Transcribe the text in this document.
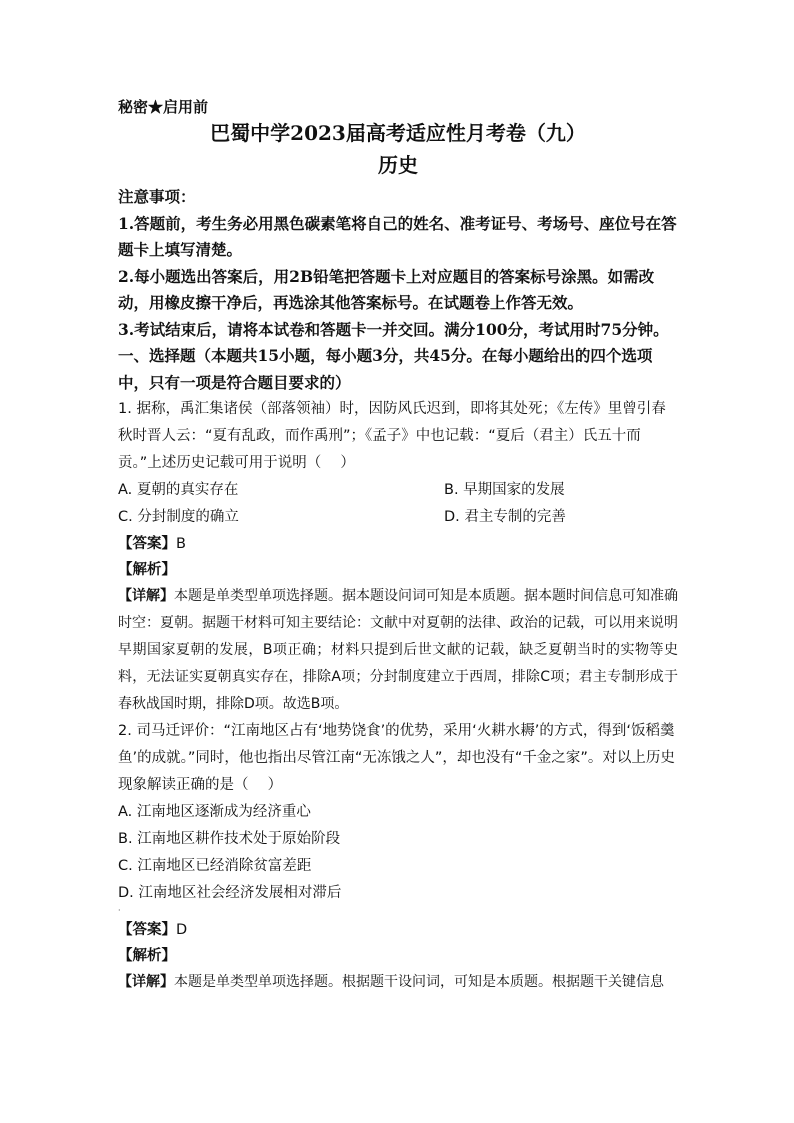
秘密★启用前
巴蜀中学2023届高考适应性月考卷（九）
历史
注意事项：
1.答题前，考生务必用黑色碳素笔将自己的姓名、准考证号、考场号、座位号在答题卡上填写清楚。
2.每小题选出答案后，用2B铅笔把答题卡上对应题目的答案标号涂黑。如需改动，用橡皮擦干净后，再选涂其他答案标号。在试题卷上作答无效。
3.考试结束后，请将本试卷和答题卡一并交回。满分100分，考试用时75分钟。
一、选择题（本题共15小题，每小题3分，共45分。在每小题给出的四个选项中，只有一项是符合题目要求的）

1. 据称，禹汇集诸侯（部落领袖）时，因防风氏迟到，即将其处死；《左传》里曾引春秋时晋人云：“夏有乱政，而作禹刑”；《孟子》中也记载：“夏后（君主）氏五十而贡。”上述历史记载可用于说明（　 ）

A. 夏朝的真实存在	B. 早期国家的发展
C. 分封制度的确立	D. 君主专制的完善
【答案】B
【解析】

【详解】本题是单类型单项选择题。据本题设问词可知是本质题。据本题时间信息可知准确时空：夏朝。据题干材料可知主要结论：文献中对夏朝的法律、政治的记载，可以用来说明早期国家夏朝的发展，B项正确；材料只提到后世文献的记载，缺乏夏朝当时的实物等史料，无法证实夏朝真实存在，排除A项；分封制度建立于西周，排除C项；君主专制形成于春秋战国时期，排除D项。故选B项。

2. 司马迁评价：“江南地区占有‘地势饶食’的优势，采用‘火耕水耨’的方式，得到‘饭稻羹鱼’的成就。”同时，他也指出尽管江南“无冻饿之人”，却也没有“千金之家”。对以上历史现象解读正确的是（　 ）

A. 江南地区逐渐成为经济重心
B. 江南地区耕作技术处于原始阶段
C. 江南地区已经消除贫富差距
D. 江南地区社会经济发展相对滞后
·
【答案】D
【解析】

【详解】本题是单类型单项选择题。根据题干设问词，可知是本质题。根据题干关键信息
